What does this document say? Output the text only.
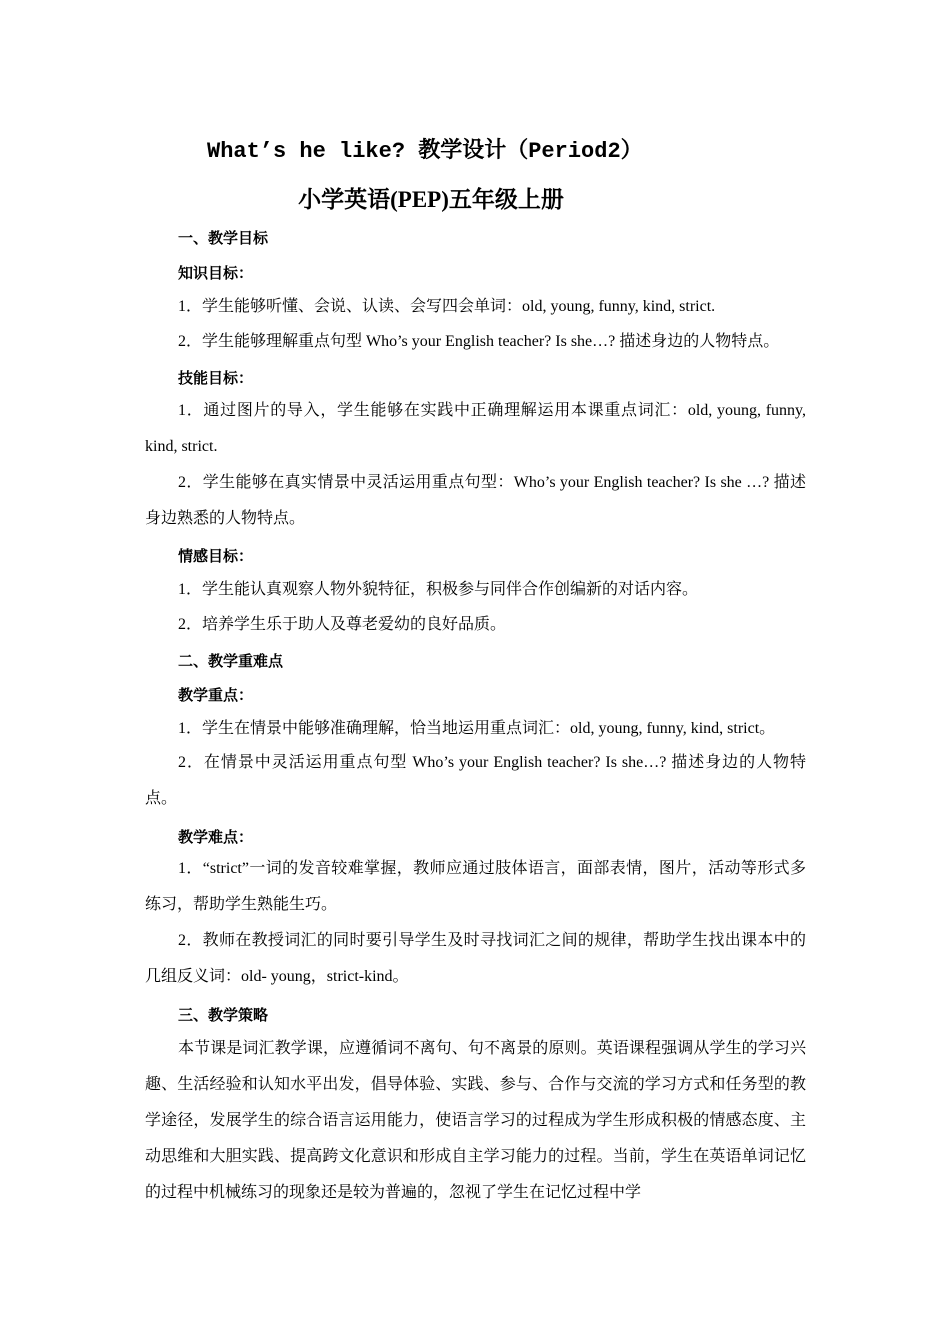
What’s he like? 教学设计（Period2）
小学英语(PEP)五年级上册
一、教学目标
知识目标：
1．学生能够听懂、会说、认读、会写四会单词：old, young, funny, kind, strict.
2．学生能够理解重点句型 Who’s your English teacher? Is she…? 描述身边的人物特点。
技能目标：

1．通过图片的导入，学生能够在实践中正确理解运用本课重点词汇：old, young, funny, kind, strict.

2．学生能够在真实情景中灵活运用重点句型：Who’s your English teacher? Is she …? 描述身边熟悉的人物特点。

情感目标：
1．学生能认真观察人物外貌特征，积极参与同伴合作创编新的对话内容。
2．培养学生乐于助人及尊老爱幼的良好品质。
二、教学重难点
教学重点：
1．学生在情景中能够准确理解，恰当地运用重点词汇：old, young, funny, kind, strict。

2．在情景中灵活运用重点句型 Who’s your English teacher? Is she…? 描述身边的人物特点。

教学难点：

1．“strict”一词的发音较难掌握，教师应通过肢体语言，面部表情，图片，活动等形式多练习，帮助学生熟能生巧。

2．教师在教授词汇的同时要引导学生及时寻找词汇之间的规律，帮助学生找出课本中的几组反义词：old- young，strict-kind。

三、教学策略

本节课是词汇教学课，应遵循词不离句、句不离景的原则。英语课程强调从学生的学习兴趣、生活经验和认知水平出发，倡导体验、实践、参与、合作与交流的学习方式和任务型的教学途径，发展学生的综合语言运用能力，使语言学习的过程成为学生形成积极的情感态度、主动思维和大胆实践、提高跨文化意识和形成自主学习能力的过程。当前，学生在英语单词记忆的过程中机械练习的现象还是较为普遍的，忽视了学生在记忆过程中学
